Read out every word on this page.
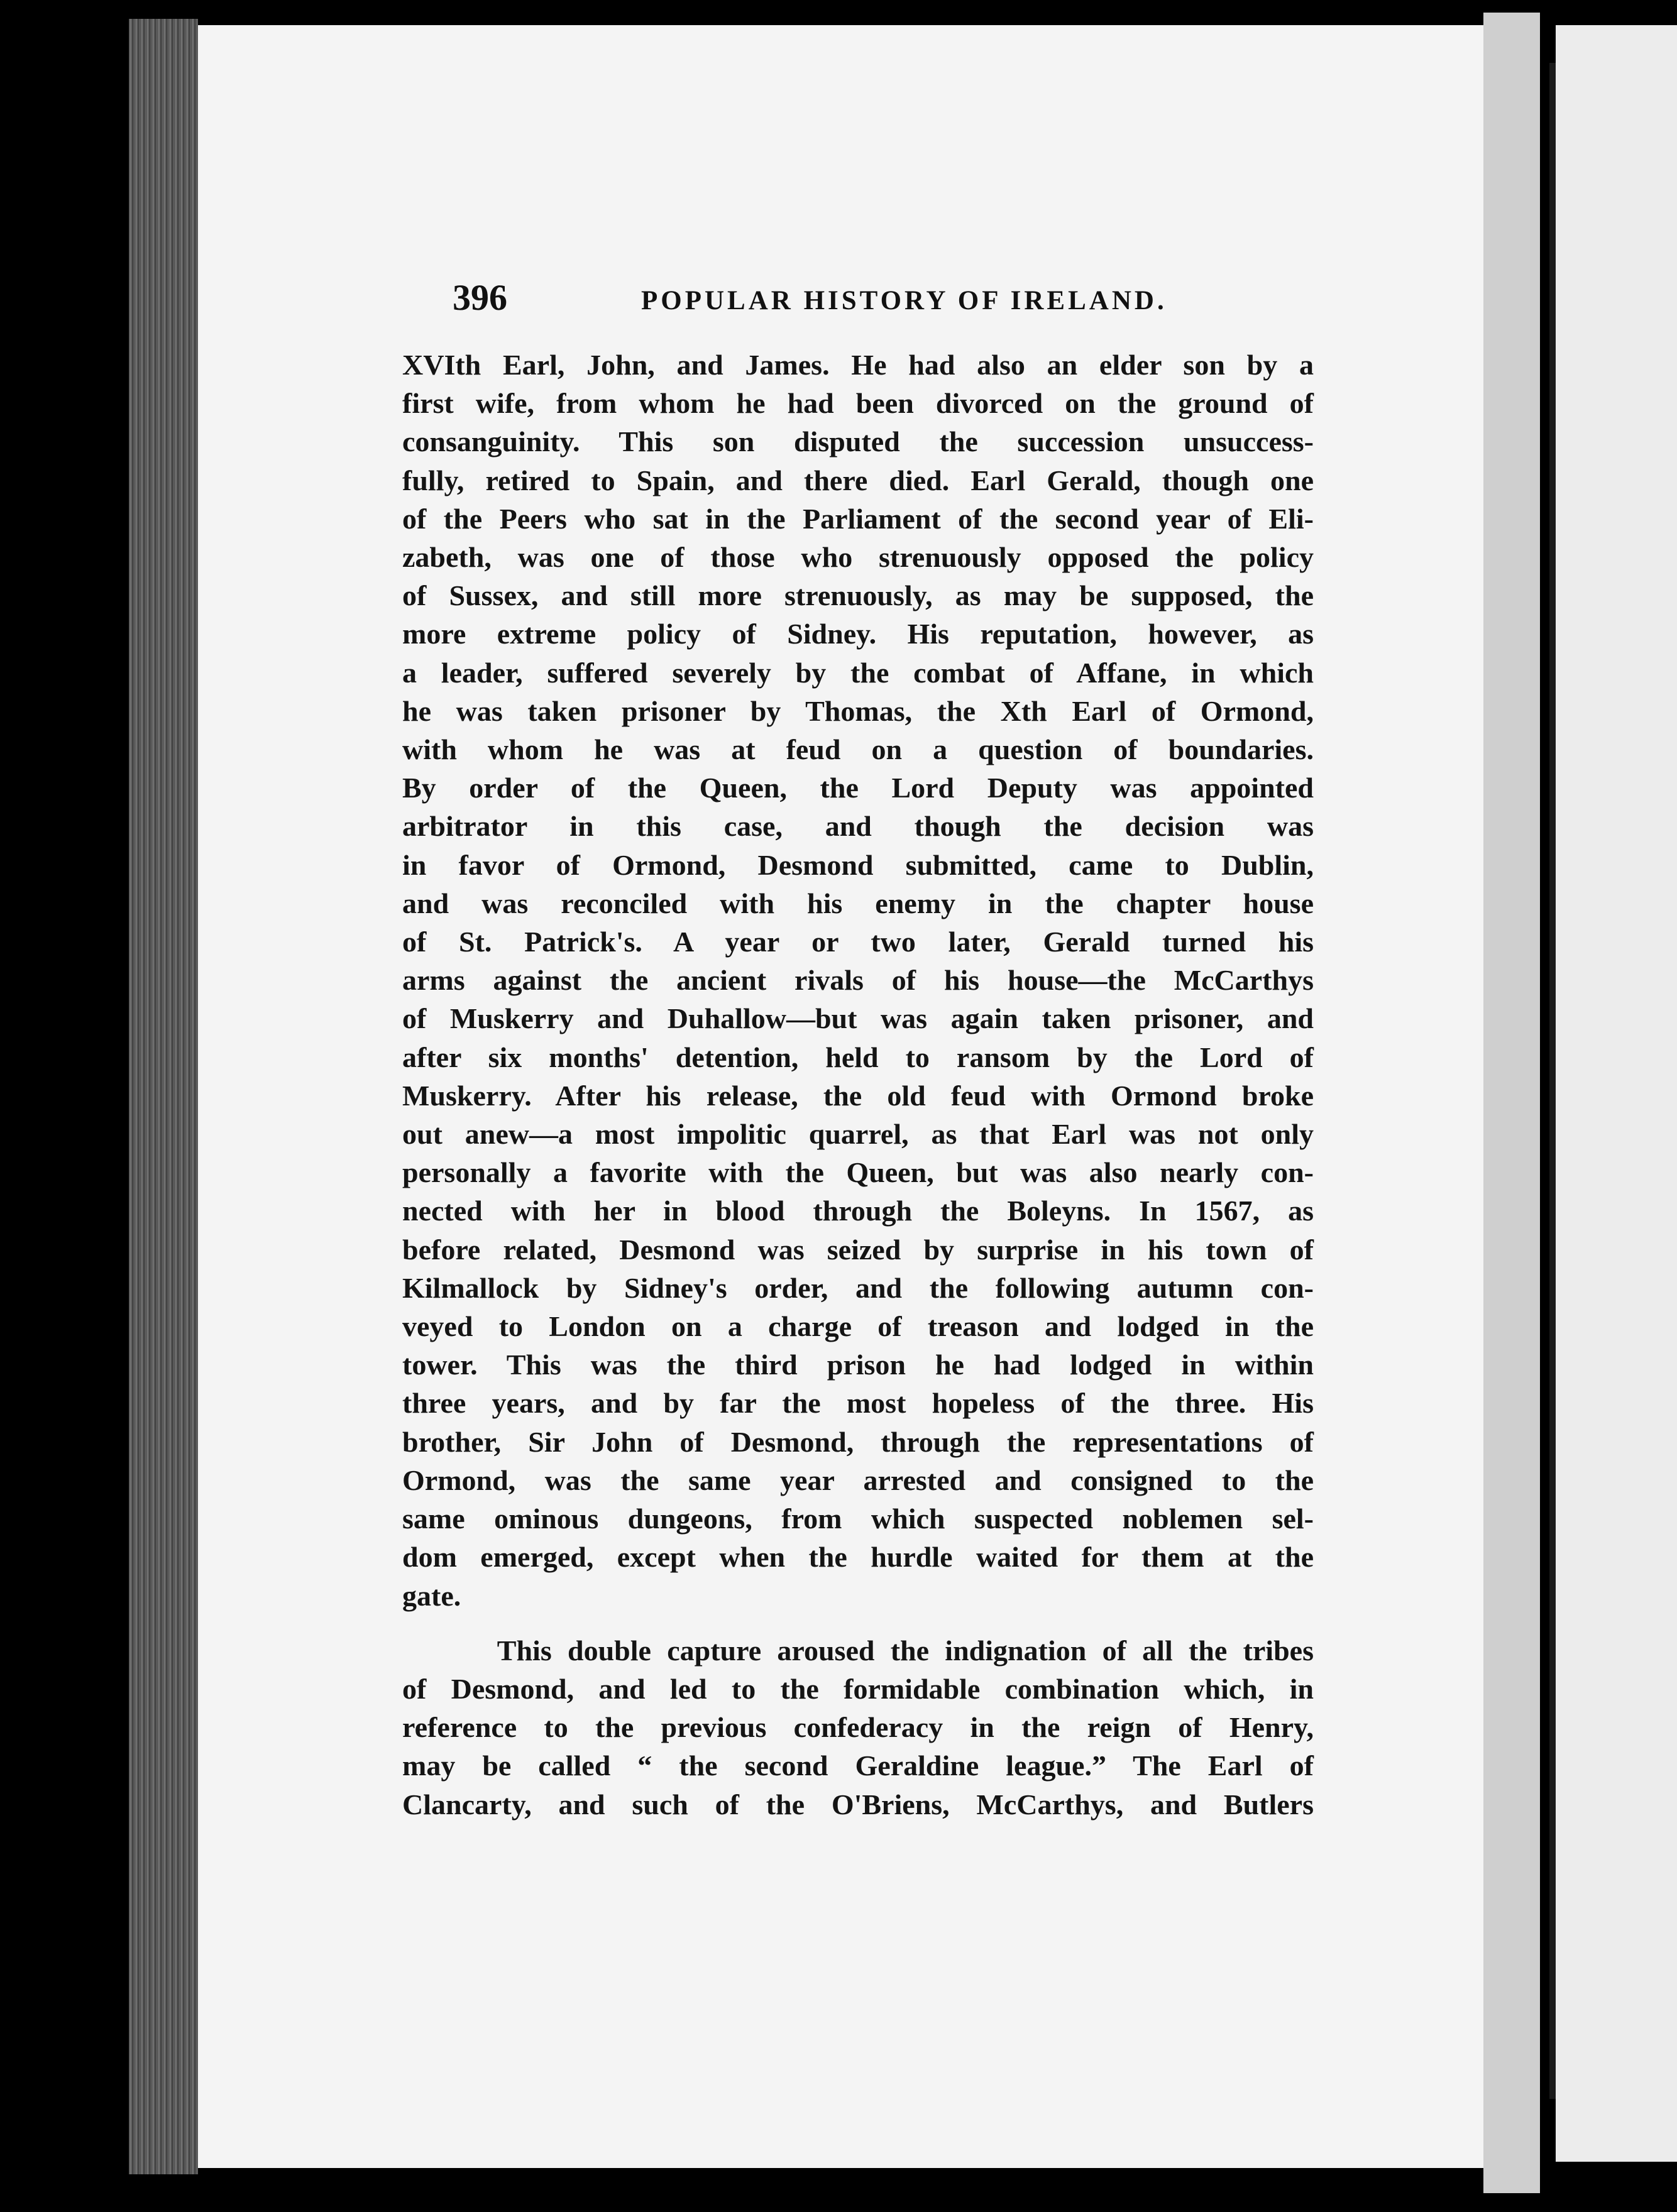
396	POPULAR HISTORY OF IRELAND.
XVIth Earl, John, and James. He had also an elder son by a
first wife, from whom he had been divorced on the ground of
consanguinity. This son disputed the succession unsuccess-
fully, retired to Spain, and there died. Earl Gerald, though one
of the Peers who sat in the Parliament of the second year of Eli-
zabeth, was one of those who strenuously opposed the policy
of Sussex, and still more strenuously, as may be supposed, the
more extreme policy of Sidney. His reputation, however, as
a leader, suffered severely by the combat of Affane, in which
he was taken prisoner by Thomas, the Xth Earl of Ormond,
with whom he was at feud on a question of boundaries.
By order of the Queen, the Lord Deputy was appointed
arbitrator in this case, and though the decision was
in favor of Ormond, Desmond submitted, came to Dublin,
and was reconciled with his enemy in the chapter house
of St. Patrick's. A year or two later, Gerald turned his
arms against the ancient rivals of his house—the McCarthys
of Muskerry and Duhallow—but was again taken prisoner, and
after six months' detention, held to ransom by the Lord of
Muskerry. After his release, the old feud with Ormond broke
out anew—a most impolitic quarrel, as that Earl was not only
personally a favorite with the Queen, but was also nearly con-
nected with her in blood through the Boleyns. In 1567, as
before related, Desmond was seized by surprise in his town of
Kilmallock by Sidney's order, and the following autumn con-
veyed to London on a charge of treason and lodged in the
tower. This was the third prison he had lodged in within
three years, and by far the most hopeless of the three. His
brother, Sir John of Desmond, through the representations of
Ormond, was the same year arrested and consigned to the
same ominous dungeons, from which suspected noblemen sel-
dom emerged, except when the hurdle waited for them at the
gate.
This double capture aroused the indignation of all the tribes
of Desmond, and led to the formidable combination which, in
reference to the previous confederacy in the reign of Henry,
may be called “ the second Geraldine league.” The Earl of
Clancarty, and such of the O'Briens, McCarthys, and Butlers
